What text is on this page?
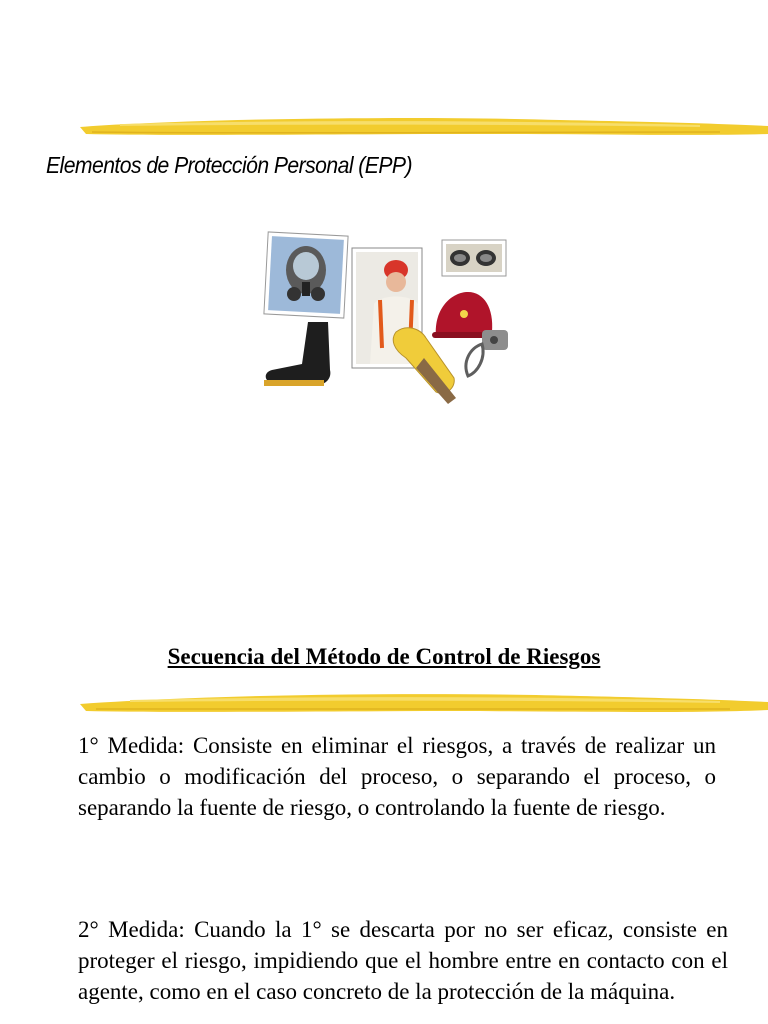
Elementos de Protección Personal (EPP)
Secuencia del Método de Control de Riesgos

1° Medida: Consiste en eliminar el riesgos, a través de realizar un cambio o modificación del proceso, o separando el proceso, o separando la fuente de riesgo, o controlando la fuente de riesgo.

2° Medida: Cuando la 1° se descarta por no ser eficaz, consiste en proteger el riesgo, impidiendo que el hombre entre en contacto con el agente, como en el caso concreto de la protección de la máquina.
